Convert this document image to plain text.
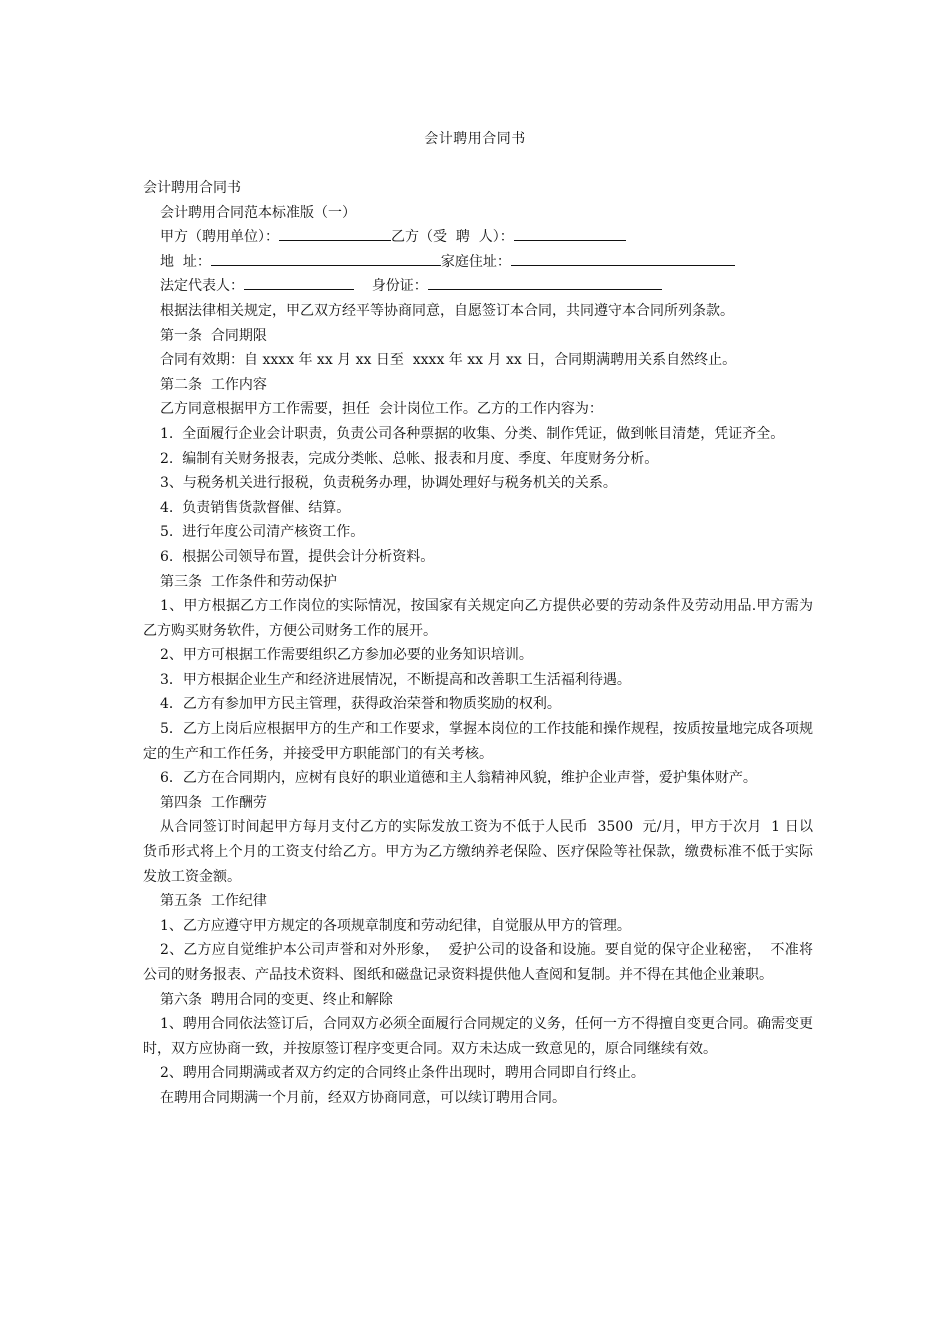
会计聘用合同书

会计聘用合同书

会计聘用合同范本标准版（一）

甲方（聘用单位）：	乙方（受  聘  人）：

地  址：	家庭住址：

法定代表人：	身份证：

根据法律相关规定，甲乙双方经平等协商同意，自愿签订本合同，共同遵守本合同所列条款。

第一条  合同期限

合同有效期：自 xxxx 年 xx 月 xx 日至  xxxx 年 xx 月 xx 日，合同期满聘用关系自然终止。

第二条  工作内容

乙方同意根据甲方工作需要，担任  会计岗位工作。乙方的工作内容为：

1.  全面履行企业会计职责，负责公司各种票据的收集、分类、制作凭证，做到帐目清楚，凭证齐全。

2.  编制有关财务报表，完成分类帐、总帐、报表和月度、季度、年度财务分析。

3、与税务机关进行报税，负责税务办理，协调处理好与税务机关的关系。

4.  负责销售货款督催、结算。

5.  进行年度公司清产核资工作。

6.  根据公司领导布置，提供会计分析资料。

第三条  工作条件和劳动保护

1、甲方根据乙方工作岗位的实际情况，按国家有关规定向乙方提供必要的劳动条件及劳动用品.甲方需为乙方购买财务软件，方便公司财务工作的展开。

2、甲方可根据工作需要组织乙方参加必要的业务知识培训。

3．甲方根据企业生产和经济进展情况，不断提高和改善职工生活福利待遇。

4．乙方有参加甲方民主管理，获得政治荣誉和物质奖励的权利。

5．乙方上岗后应根据甲方的生产和工作要求，掌握本岗位的工作技能和操作规程，按质按量地完成各项规定的生产和工作任务，并接受甲方职能部门的有关考核。

6．乙方在合同期内，应树有良好的职业道德和主人翁精神风貌，维护企业声誉，爱护集体财产。

第四条  工作酬劳

从合同签订时间起甲方每月支付乙方的实际发放工资为不低于人民币  3500  元/月，甲方于次月  1 日以货币形式将上个月的工资支付给乙方。甲方为乙方缴纳养老保险、医疗保险等社保款，缴费标准不低于实际发放工资金额。

第五条  工作纪律

1、乙方应遵守甲方规定的各项规章制度和劳动纪律，自觉服从甲方的管理。

2、乙方应自觉维护本公司声誉和对外形象，  爱护公司的设备和设施。要自觉的保守企业秘密，  不准将公司的财务报表、产品技术资料、图纸和磁盘记录资料提供他人查阅和复制。并不得在其他企业兼职。

第六条  聘用合同的变更、终止和解除

1、聘用合同依法签订后，合同双方必须全面履行合同规定的义务，任何一方不得擅自变更合同。确需变更时，双方应协商一致，并按原签订程序变更合同。双方未达成一致意见的，原合同继续有效。

2、聘用合同期满或者双方约定的合同终止条件出现时，聘用合同即自行终止。

在聘用合同期满一个月前，经双方协商同意，可以续订聘用合同。
